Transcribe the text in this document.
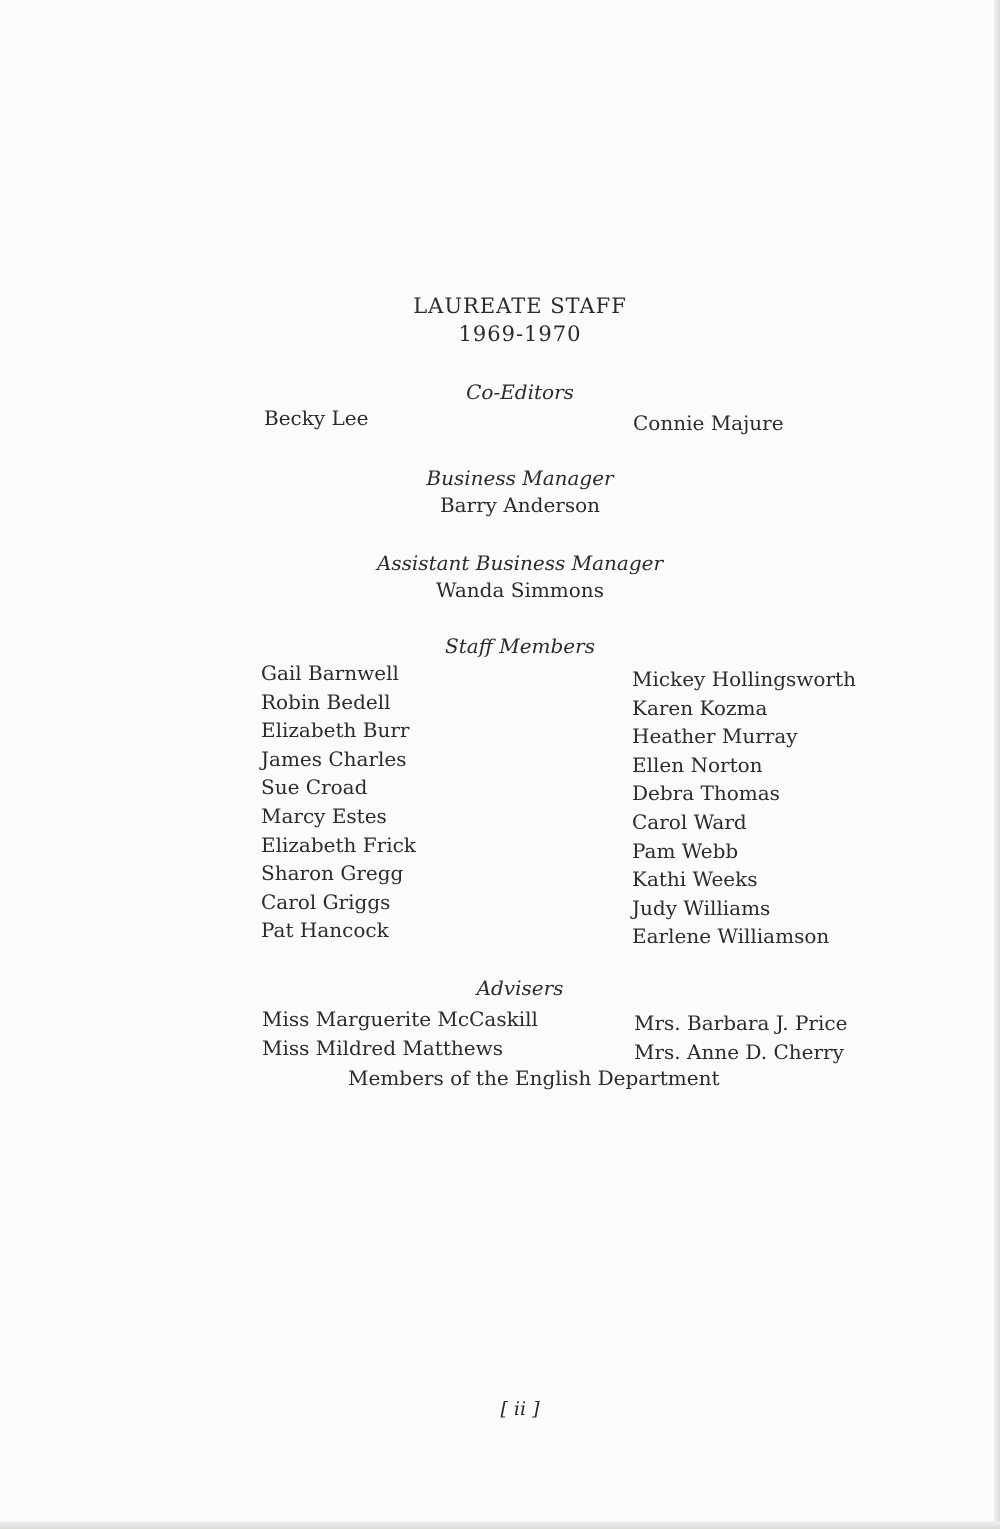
LAUREATE STAFF
1969-1970
Co-Editors
Becky Lee	Connie Majure
Business Manager
Barry Anderson
Assistant Business Manager
Wanda Simmons
Staff Members
Gail Barnwell
Robin Bedell
Elizabeth Burr
James Charles
Sue Croad
Marcy Estes
Elizabeth Frick
Sharon Gregg
Carol Griggs
Pat Hancock
Mickey Hollingsworth
Karen Kozma
Heather Murray
Ellen Norton
Debra Thomas
Carol Ward
Pam Webb
Kathi Weeks
Judy Williams
Earlene Williamson
Advisers
Miss Marguerite McCaskill
Miss Mildred Matthews
Mrs. Barbara J. Price
Mrs. Anne D. Cherry
Members of the English Department
[ ii ]
